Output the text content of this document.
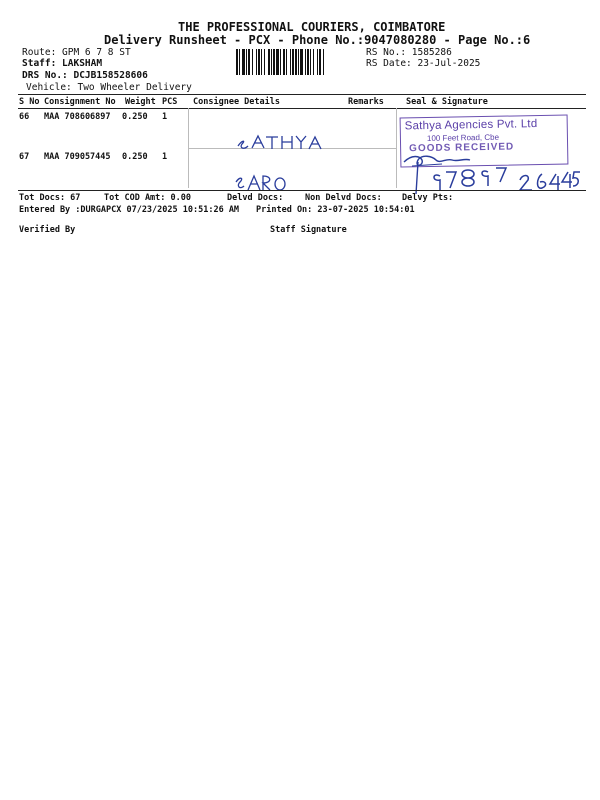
THE PROFESSIONAL COURIERS, COIMBATORE
Delivery Runsheet - PCX - Phone No.:9047080280 - Page No.:6
Route: GPM 6 7 8 ST
Staff: LAKSHAM
DRS No.: DCJB158528606
Vehicle: Two Wheeler Delivery
RS No.: 1585286
RS Date: 23-Jul-2025
S No Consignment No Weight PCS Consignee Details	Remarks	Seal & Signature
66 MAA 708606897 0.250 1
67 MAA 709057445 0.250 1
Sathya Agencies Pvt. Ltd
100 Feet Road, Cbe
GOODS RECEIVED
Tot Docs: 67	Tot COD Amt: 0.00	Delvd Docs:	Non Delvd Docs: Delvy Pts:
Entered By :DURGAPCX 07/23/2025 10:51:26 AM Printed On: 23-07-2025 10:54:01
Verified By	Staff Signature
